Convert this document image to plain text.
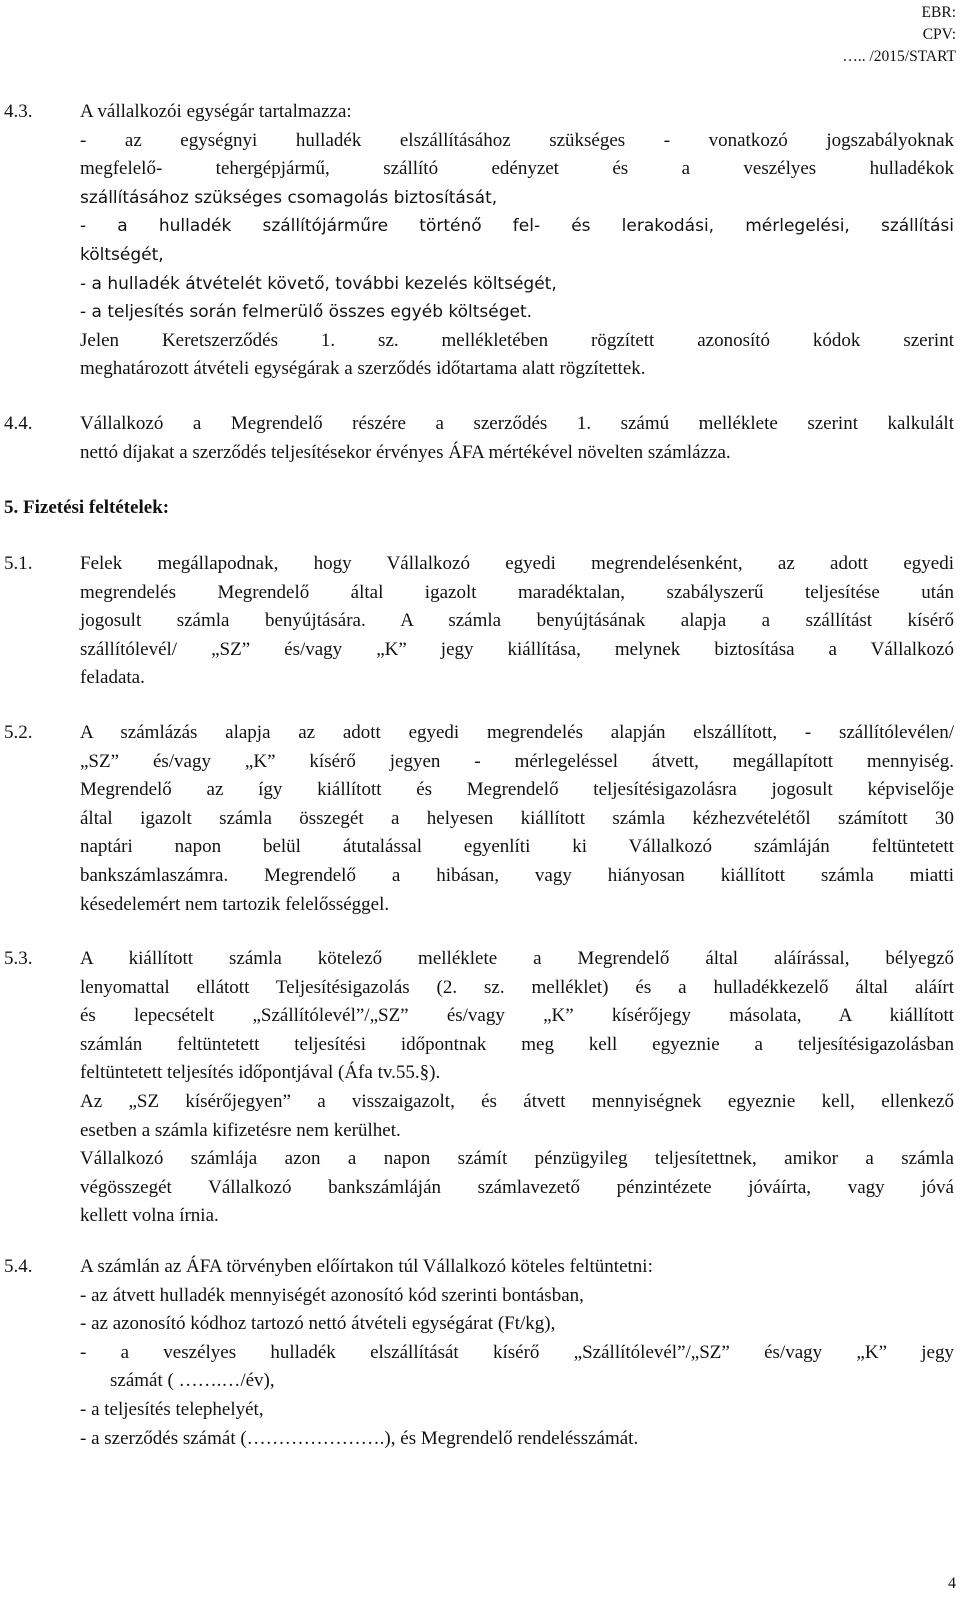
EBR:
CPV:
….. /2015/START
4.3.	A vállalkozói egységár tartalmazza:
- az egységnyi hulladék elszállításához szükséges - vonatkozó jogszabályoknak
megfelelő- tehergépjármű, szállító edényzet és a veszélyes hulladékok
szállításához szükséges csomagolás biztosítását,
- a hulladék szállítójárműre történő fel- és lerakodási, mérlegelési, szállítási
költségét,
- a hulladék átvételét követő, további kezelés költségét,
- a teljesítés során felmerülő összes egyéb költséget.
Jelen Keretszerződés 1. sz. mellékletében rögzített azonosító kódok szerint
meghatározott átvételi egységárak a szerződés időtartama alatt rögzítettek.
4.4.	Vállalkozó a Megrendelő részére a szerződés 1. számú melléklete szerint kalkulált
nettó díjakat a szerződés teljesítésekor érvényes ÁFA mértékével növelten számlázza.
5. Fizetési feltételek:
5.1.	Felek megállapodnak, hogy Vállalkozó egyedi megrendelésenként, az adott egyedi
megrendelés Megrendelő által igazolt maradéktalan, szabályszerű teljesítése után
jogosult számla benyújtására. A számla benyújtásának alapja a szállítást kísérő
szállítólevél/ „SZ” és/vagy „K” jegy kiállítása, melynek biztosítása a Vállalkozó
feladata.
5.2.	A számlázás alapja az adott egyedi megrendelés alapján elszállított, - szállítólevélen/
„SZ” és/vagy „K” kísérő jegyen - mérlegeléssel átvett, megállapított mennyiség.
Megrendelő az így kiállított és Megrendelő teljesítésigazolásra jogosult képviselője
által igazolt számla összegét a helyesen kiállított számla kézhezvételétől számított 30
naptári napon belül átutalással egyenlíti ki Vállalkozó számláján feltüntetett
bankszámlaszámra. Megrendelő a hibásan, vagy hiányosan kiállított számla miatti
késedelemért nem tartozik felelősséggel.
5.3.	A kiállított számla kötelező melléklete a Megrendelő által aláírással, bélyegző
lenyomattal ellátott Teljesítésigazolás (2. sz. melléklet) és a hulladékkezelő által aláírt
és lepecsételt „Szállítólevél”/„SZ” és/vagy „K” kísérőjegy másolata, A kiállított
számlán feltüntetett teljesítési időpontnak meg kell egyeznie a teljesítésigazolásban
feltüntetett teljesítés időpontjával (Áfa tv.55.§).
Az „SZ kísérőjegyen” a visszaigazolt, és átvett mennyiségnek egyeznie kell, ellenkező
esetben a számla kifizetésre nem kerülhet.
Vállalkozó számlája azon a napon számít pénzügyileg teljesítettnek, amikor a számla
végösszegét Vállalkozó bankszámláján számlavezető pénzintézete jóváírta, vagy jóvá
kellett volna írnia.
5.4.	A számlán az ÁFA törvényben előírtakon túl Vállalkozó köteles feltüntetni:
- az átvett hulladék mennyiségét azonosító kód szerinti bontásban,
- az azonosító kódhoz tartozó nettó átvételi egységárat (Ft/kg),
- a veszélyes hulladék elszállítását kísérő „Szállítólevél”/„SZ” és/vagy „K” jegy
számát ( …….…/év),
- a teljesítés telephelyét,
- a szerződés számát (………………….), és Megrendelő rendelésszámát.
4
